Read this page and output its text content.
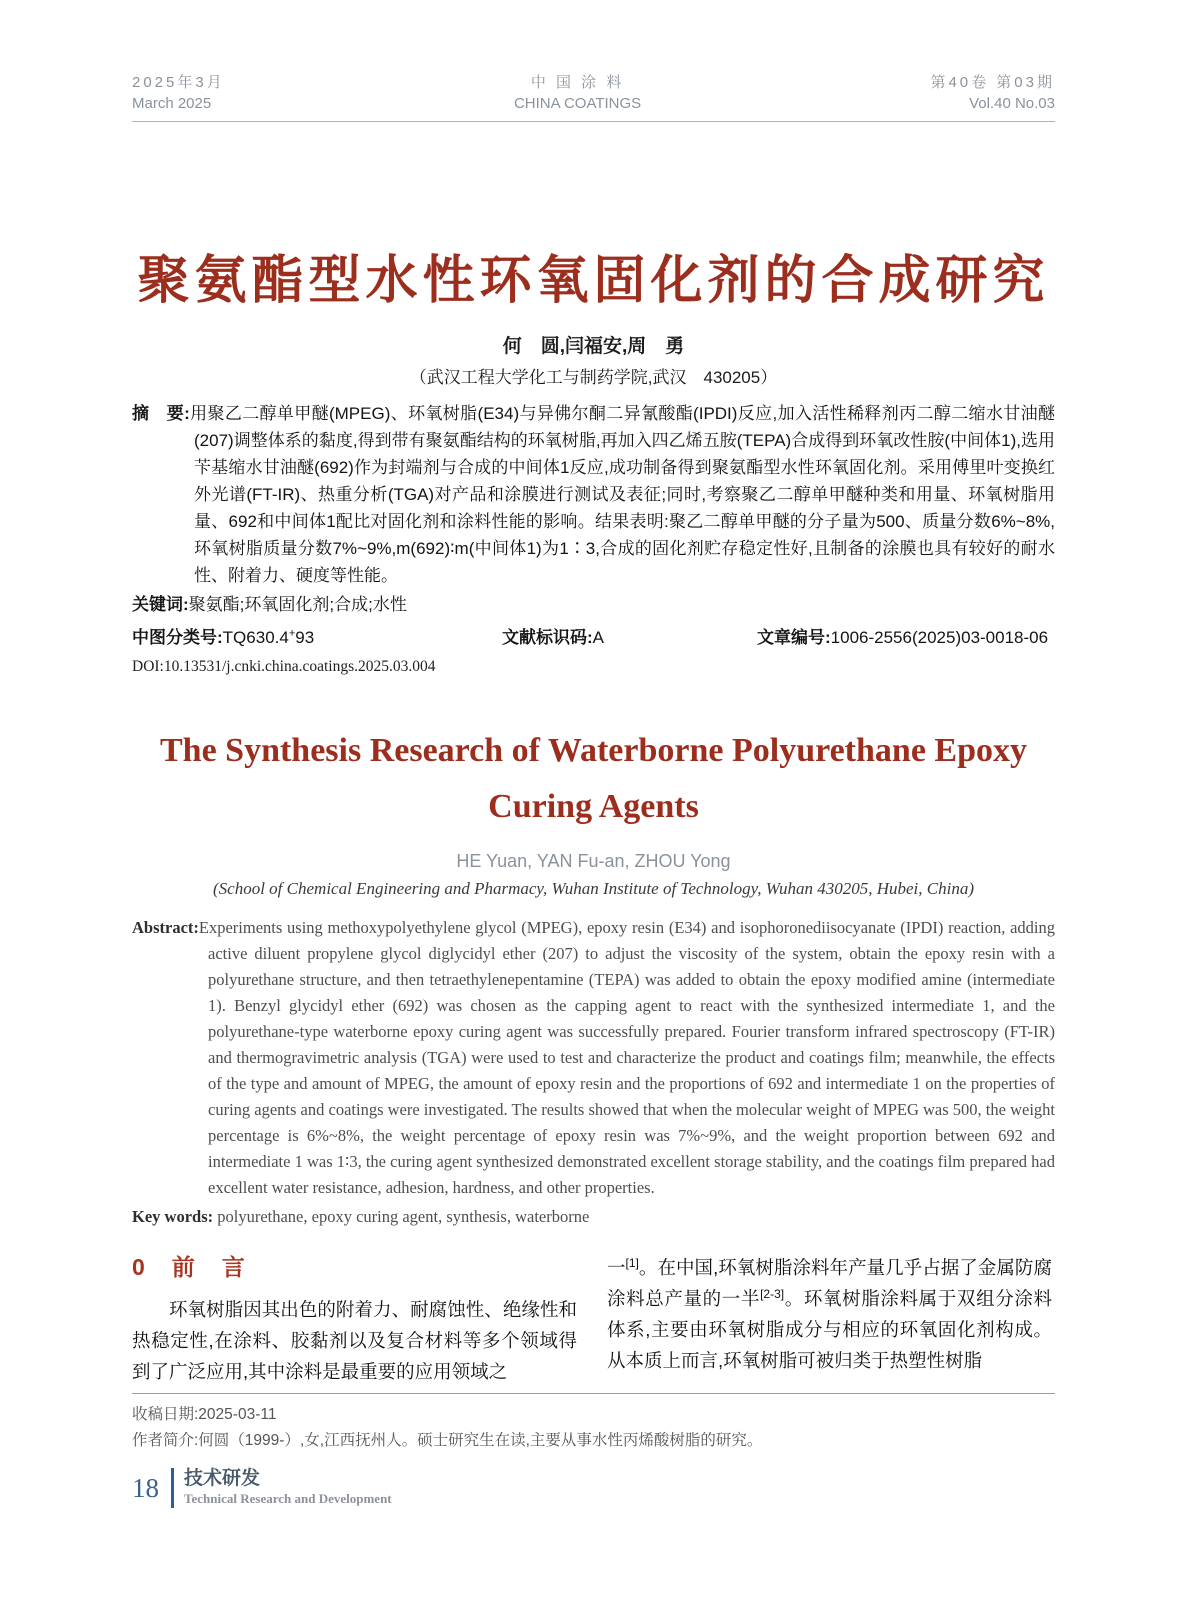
2025年3月
March 2025
中 国 涂 料
CHINA COATINGS
第40卷 第03期
Vol.40 No.03
聚氨酯型水性环氧固化剂的合成研究
何　圆,闫福安,周　勇
（武汉工程大学化工与制药学院,武汉　430205）

摘　要:用聚乙二醇单甲醚(MPEG)、环氧树脂(E34)与异佛尔酮二异氰酸酯(IPDI)反应,加入活性稀释剂丙二醇二缩水甘油醚(207)调整体系的黏度,得到带有聚氨酯结构的环氧树脂,再加入四乙烯五胺(TEPA)合成得到环氧改性胺(中间体1),选用苄基缩水甘油醚(692)作为封端剂与合成的中间体1反应,成功制备得到聚氨酯型水性环氧固化剂。采用傅里叶变换红外光谱(FT-IR)、热重分析(TGA)对产品和涂膜进行测试及表征;同时,考察聚乙二醇单甲醚种类和用量、环氧树脂用量、692和中间体1配比对固化剂和涂料性能的影响。结果表明:聚乙二醇单甲醚的分子量为500、质量分数6%~8%,环氧树脂质量分数7%~9%,m(692)∶m(中间体1)为1∶3,合成的固化剂贮存稳定性好,且制备的涂膜也具有较好的耐水性、附着力、硬度等性能。

关键词:聚氨酯;环氧固化剂;合成;水性

中图分类号:TQ630.4+93	文献标识码:A	文章编号:1006-2556(2025)03-0018-06
DOI:10.13531/j.cnki.china.coatings.2025.03.004
The Synthesis Research of Waterborne Polyurethane Epoxy Curing Agents
HE Yuan, YAN Fu-an, ZHOU Yong
(School of Chemical Engineering and Pharmacy, Wuhan Institute of Technology, Wuhan 430205, Hubei, China)

Abstract:Experiments using methoxypolyethylene glycol (MPEG), epoxy resin (E34) and isophoronediisocyanate (IPDI) reaction, adding active diluent propylene glycol diglycidyl ether (207) to adjust the viscosity of the system, obtain the epoxy resin with a polyurethane structure, and then tetraethylenepentamine (TEPA) was added to obtain the epoxy modified amine (intermediate 1). Benzyl glycidyl ether (692) was chosen as the capping agent to react with the synthesized intermediate 1, and the polyurethane-type waterborne epoxy curing agent was successfully prepared. Fourier transform infrared spectroscopy (FT-IR) and thermogravimetric analysis (TGA) were used to test and characterize the product and coatings film; meanwhile, the effects of the type and amount of MPEG, the amount of epoxy resin and the proportions of 692 and intermediate 1 on the properties of curing agents and coatings were investigated. The results showed that when the molecular weight of MPEG was 500, the weight percentage is 6%~8%, the weight percentage of epoxy resin was 7%~9%, and the weight proportion between 692 and intermediate 1 was 1∶3, the curing agent synthesized demonstrated excellent storage stability, and the coatings film prepared had excellent water resistance, adhesion, hardness, and other properties.

Key words: polyurethane, epoxy curing agent, synthesis, waterborne

0　前　言

环氧树脂因其出色的附着力、耐腐蚀性、绝缘性和热稳定性,在涂料、胶黏剂以及复合材料等多个领域得到了广泛应用,其中涂料是最重要的应用领域之

一[1]。在中国,环氧树脂涂料年产量几乎占据了金属防腐涂料总产量的一半[2-3]。环氧树脂涂料属于双组分涂料体系,主要由环氧树脂成分与相应的环氧固化剂构成。从本质上而言,环氧树脂可被归类于热塑性树脂

收稿日期:2025-03-11
作者简介:何圆（1999-）,女,江西抚州人。硕士研究生在读,主要从事水性丙烯酸树脂的研究。
18 技术研发
Technical Research and Development
